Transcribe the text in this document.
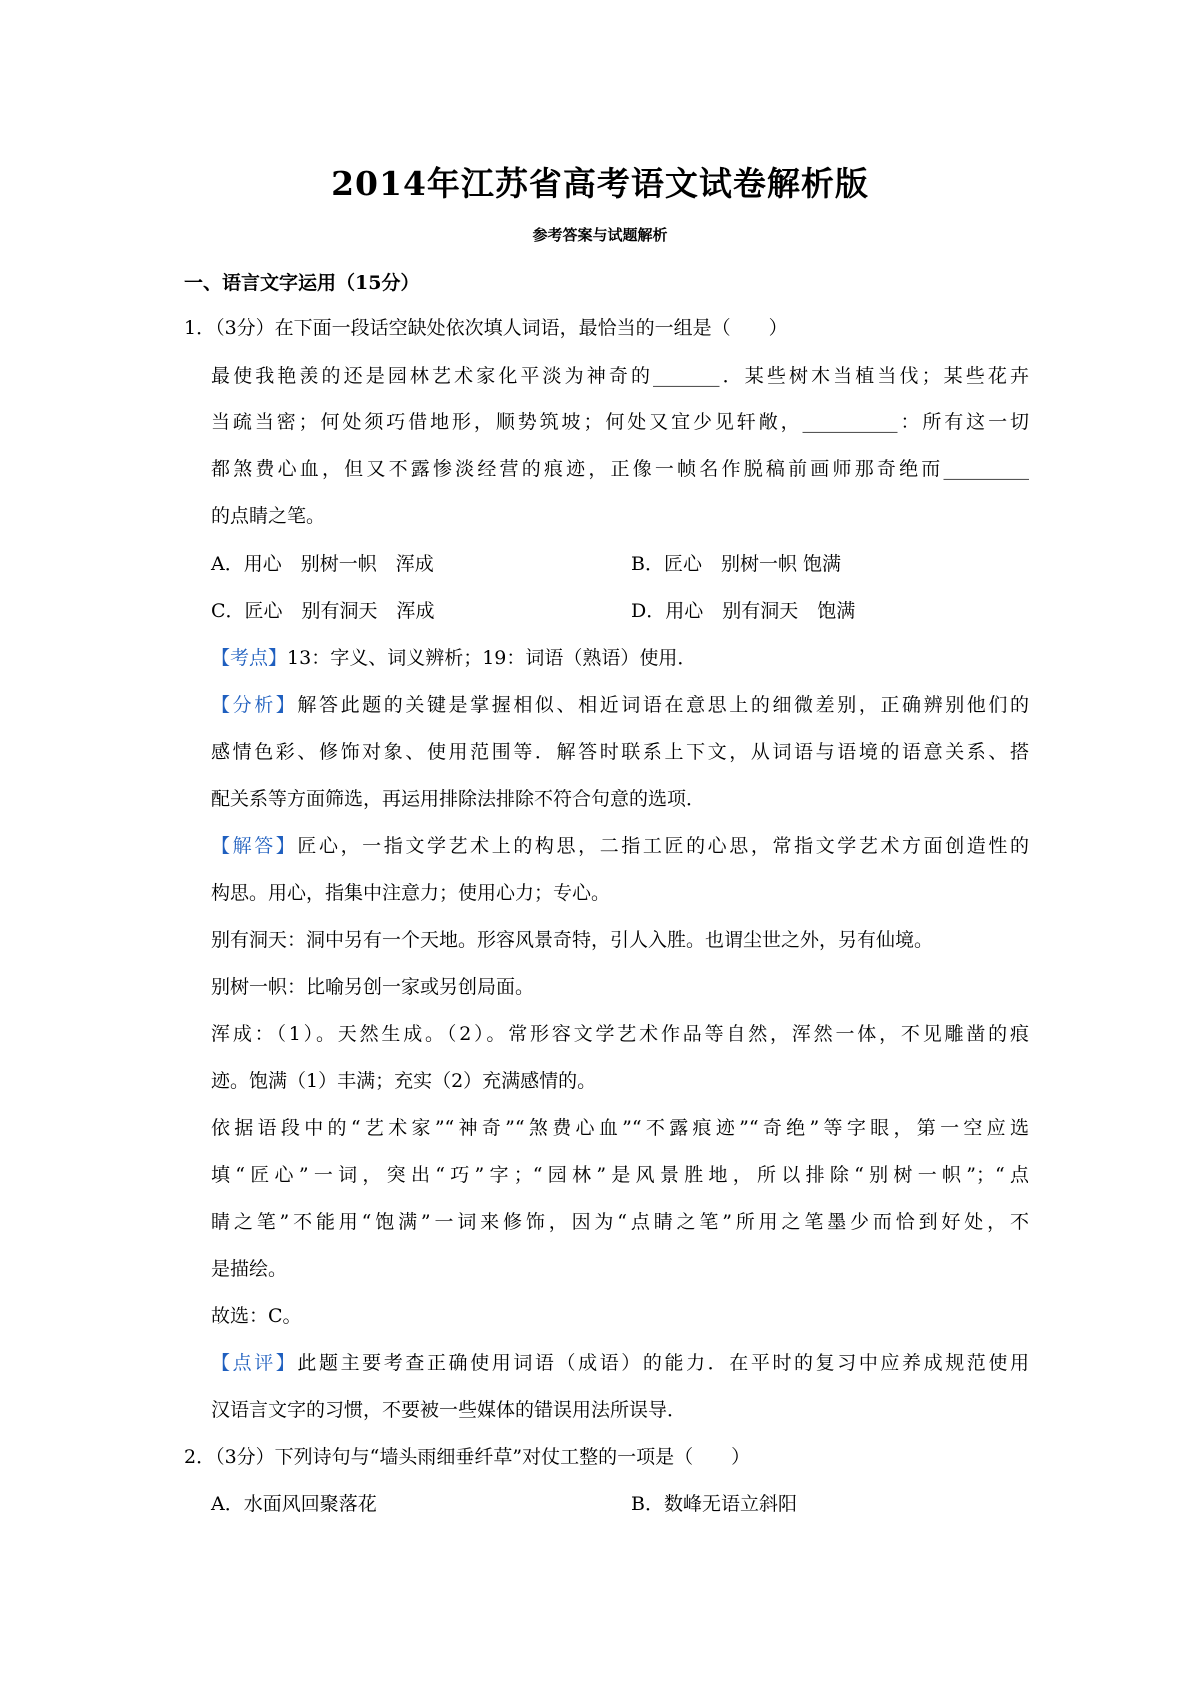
2014年江苏省高考语文试卷解析版
参考答案与试题解析
一、语言文字运用（15分）
1．（3分）在下面一段话空缺处依次填人词语，最恰当的一组是（　　）
最使我艳羡的还是园林艺术家化平淡为神奇的_______．某些树木当植当伐；某些花卉
当疏当密；何处须巧借地形，顺势筑坡；何处又宜少见轩敞，__________：所有这一切
都煞费心血，但又不露惨淡经营的痕迹，正像一帧名作脱稿前画师那奇绝而_________
的点睛之笔。
A．用心　别树一帜　浑成	B．匠心　别树一帜 饱满
C．匠心　别有洞天　浑成	D．用心　别有洞天　饱满
【考点】13：字义、词义辨析；19：词语（熟语）使用．
【分析】解答此题的关键是掌握相似、相近词语在意思上的细微差别，正确辨别他们的
感情色彩、修饰对象、使用范围等．解答时联系上下文，从词语与语境的语意关系、搭
配关系等方面筛选，再运用排除法排除不符合句意的选项．
【解答】匠心，一指文学艺术上的构思，二指工匠的心思，常指文学艺术方面创造性的
构思。用心，指集中注意力；使用心力；专心。
别有洞天：洞中另有一个天地。形容风景奇特，引人入胜。也谓尘世之外，另有仙境。
别树一帜：比喻另创一家或另创局面。
浑成：（1）。天然生成。（2）。常形容文学艺术作品等自然，浑然一体，不见雕凿的痕
迹。饱满（1）丰满；充实（2）充满感情的。
依据语段中的“艺术家”“神奇”“煞费心血”“不露痕迹”“奇绝”等字眼，第一空应选
填“匠心”一词，突出“巧”字；“园林”是风景胜地，所以排除“别树一帜”；“点
睛之笔”不能用“饱满”一词来修饰，因为“点睛之笔”所用之笔墨少而恰到好处，不
是描绘。
故选：C。
【点评】此题主要考查正确使用词语（成语）的能力．在平时的复习中应养成规范使用
汉语言文字的习惯，不要被一些媒体的错误用法所误导．
2．（3分）下列诗句与“墙头雨细垂纤草”对仗工整的一项是（　　）
A．水面风回聚落花	B．数峰无语立斜阳
